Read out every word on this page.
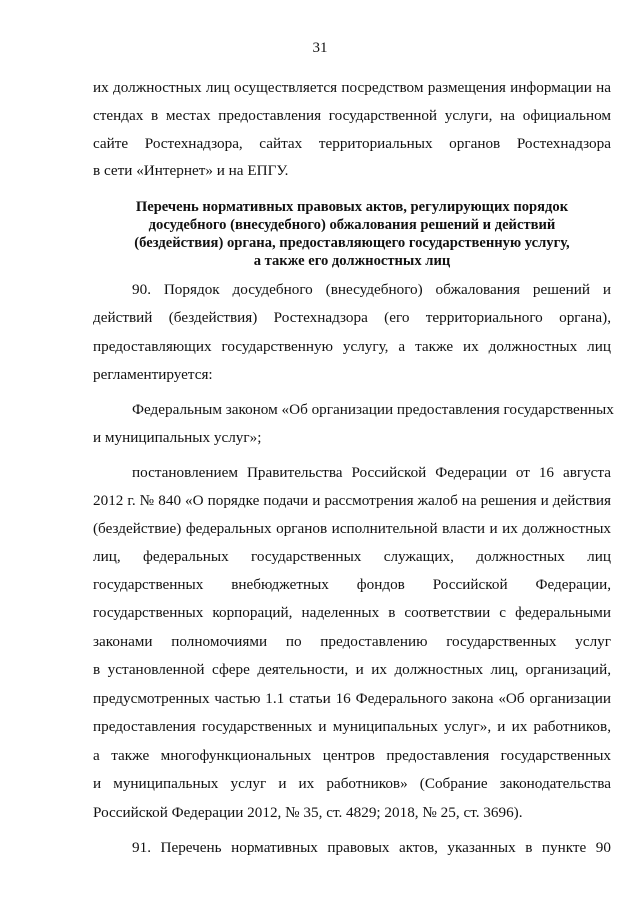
31
их должностных лиц осуществляется посредством размещения информации на
стендах в местах предоставления государственной услуги, на официальном
сайте Ростехнадзора, сайтах территориальных органов Ростехнадзора
в сети «Интернет» и на ЕПГУ.
Перечень нормативных правовых актов, регулирующих порядок
досудебного (внесудебного) обжалования решений и действий
(бездействия) органа, предоставляющего государственную услугу,
а также его должностных лиц
90. Порядок досудебного (внесудебного) обжалования решений и
действий (бездействия) Ростехнадзора (его территориального органа),
предоставляющих государственную услугу, а также их должностных лиц
регламентируется:
Федеральным законом «Об организации предоставления государственных
и муниципальных услуг»;
постановлением Правительства Российской Федерации от 16 августа
2012 г. № 840 «О порядке подачи и рассмотрения жалоб на решения и действия
(бездействие) федеральных органов исполнительной власти и их должностных
лиц, федеральных государственных служащих, должностных лиц
государственных внебюджетных фондов Российской Федерации,
государственных корпораций, наделенных в соответствии с федеральными
законами полномочиями по предоставлению государственных услуг
в установленной сфере деятельности, и их должностных лиц, организаций,
предусмотренных частью 1.1 статьи 16 Федерального закона «Об организации
предоставления государственных и муниципальных услуг», и их работников,
а также многофункциональных центров предоставления государственных
и муниципальных услуг и их работников» (Собрание законодательства
Российской Федерации 2012, № 35, ст. 4829; 2018, № 25, ст. 3696).
91. Перечень нормативных правовых актов, указанных в пункте 90
